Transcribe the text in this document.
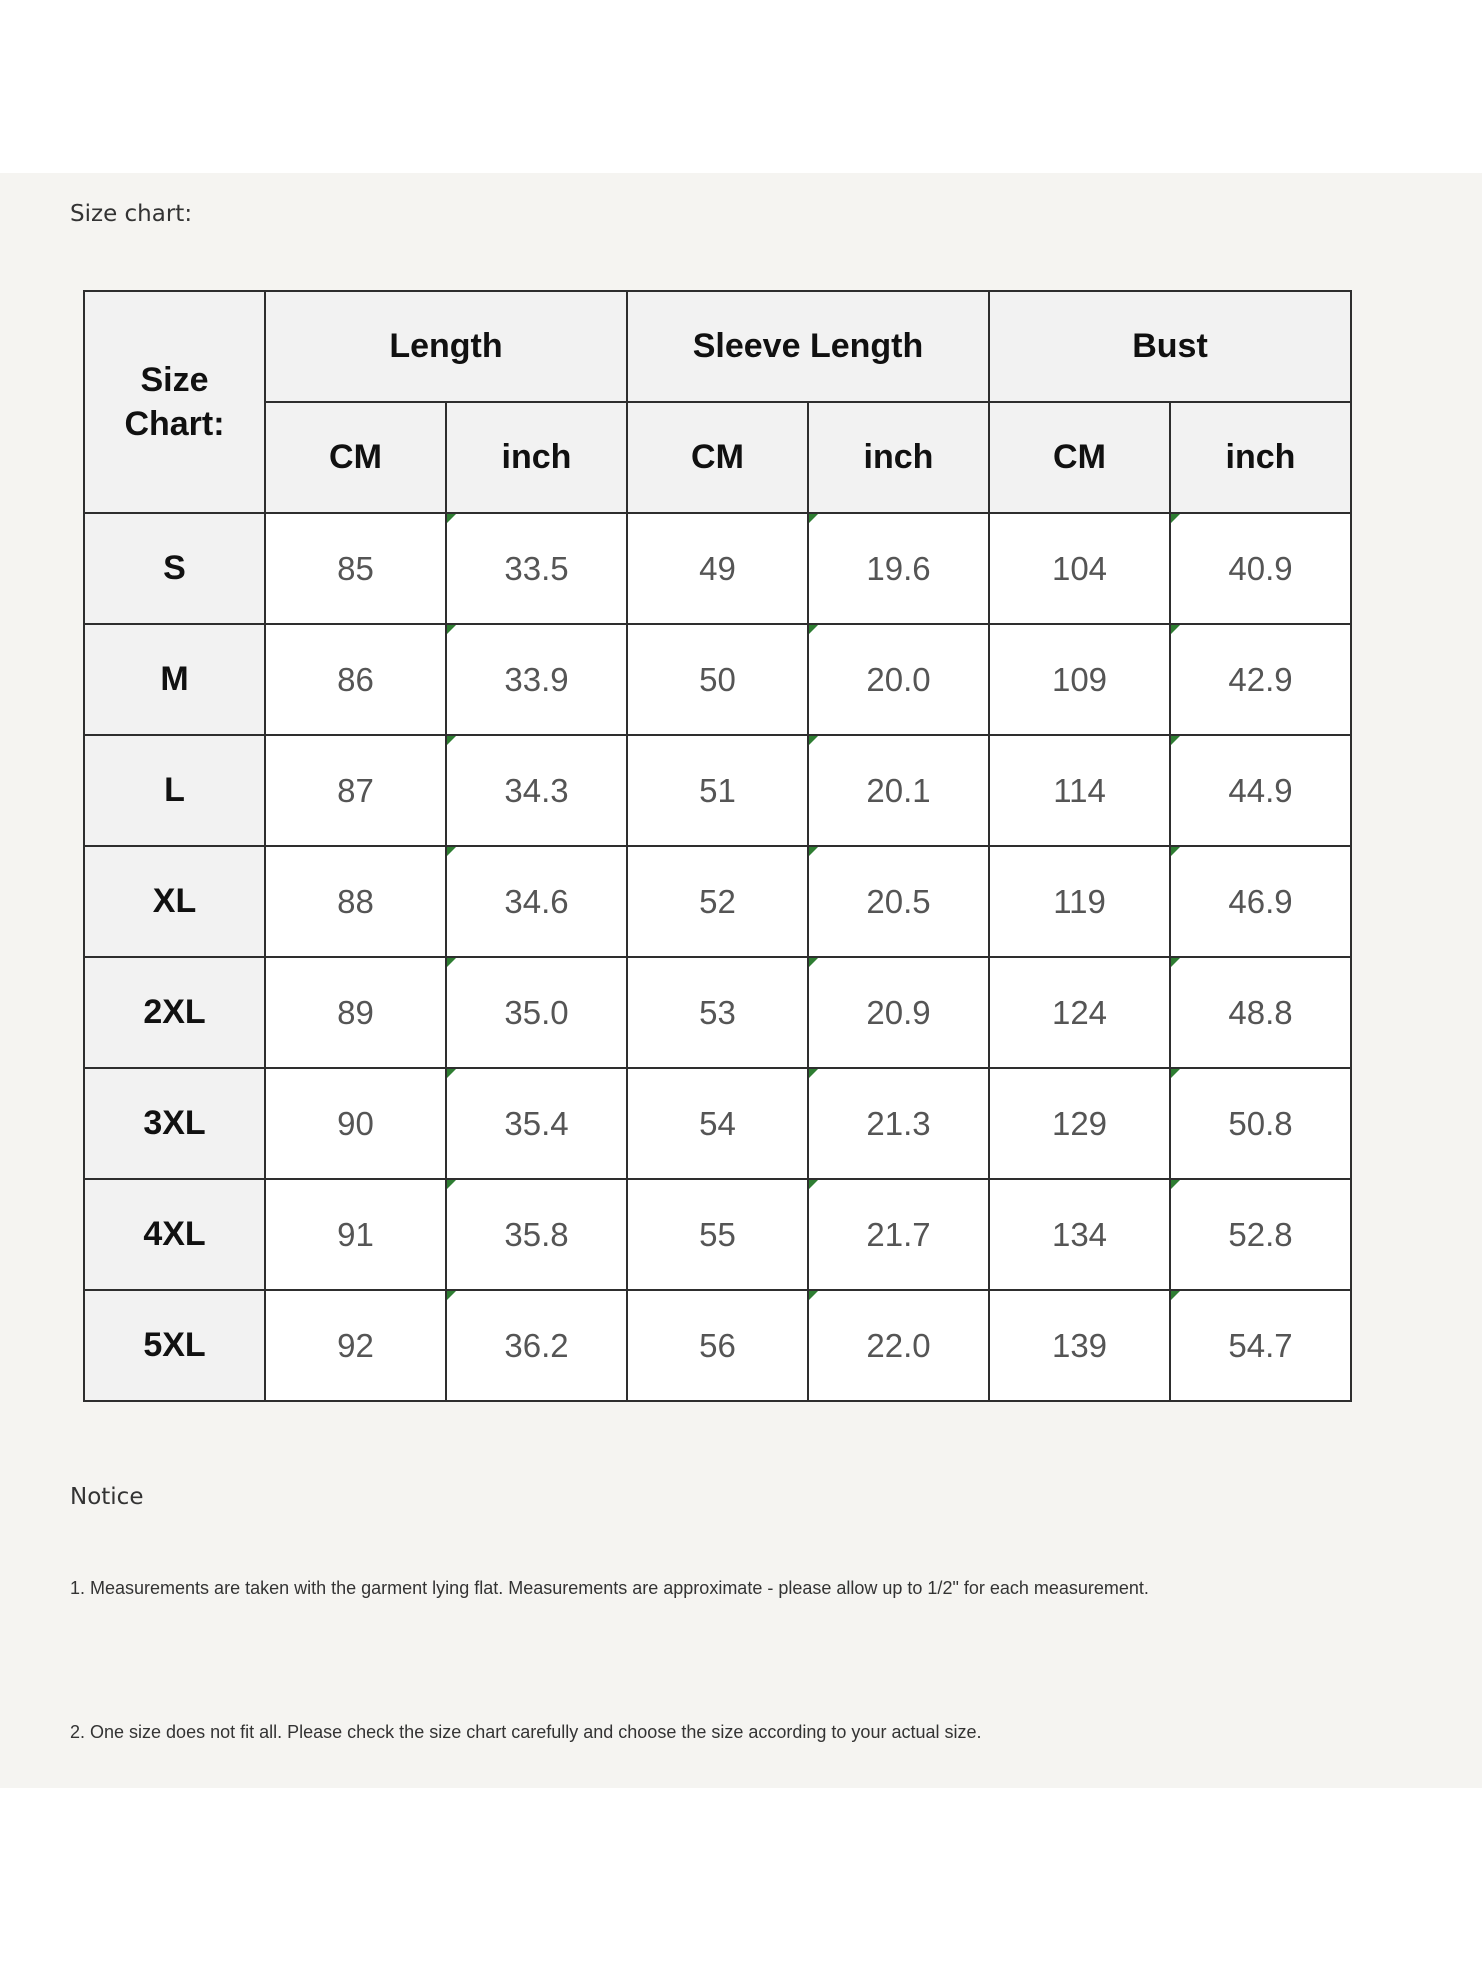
Size chart:
Size
Chart:	Length		Sleeve Length		Bust	
	CM	inch	CM	inch	CM	inch
S	85	33.5	49	19.6	104	40.9
M	86	33.9	50	20.0	109	42.9
L	87	34.3	51	20.1	114	44.9
XL	88	34.6	52	20.5	119	46.9
2XL	89	35.0	53	20.9	124	48.8
3XL	90	35.4	54	21.3	129	50.8
4XL	91	35.8	55	21.7	134	52.8
5XL	92	36.2	56	22.0	139	54.7
Notice
1. Measurements are taken with the garment lying flat. Measurements are approximate - please allow up to 1/2" for each measurement.
2. One size does not fit all. Please check the size chart carefully and choose the size according to your actual size.
